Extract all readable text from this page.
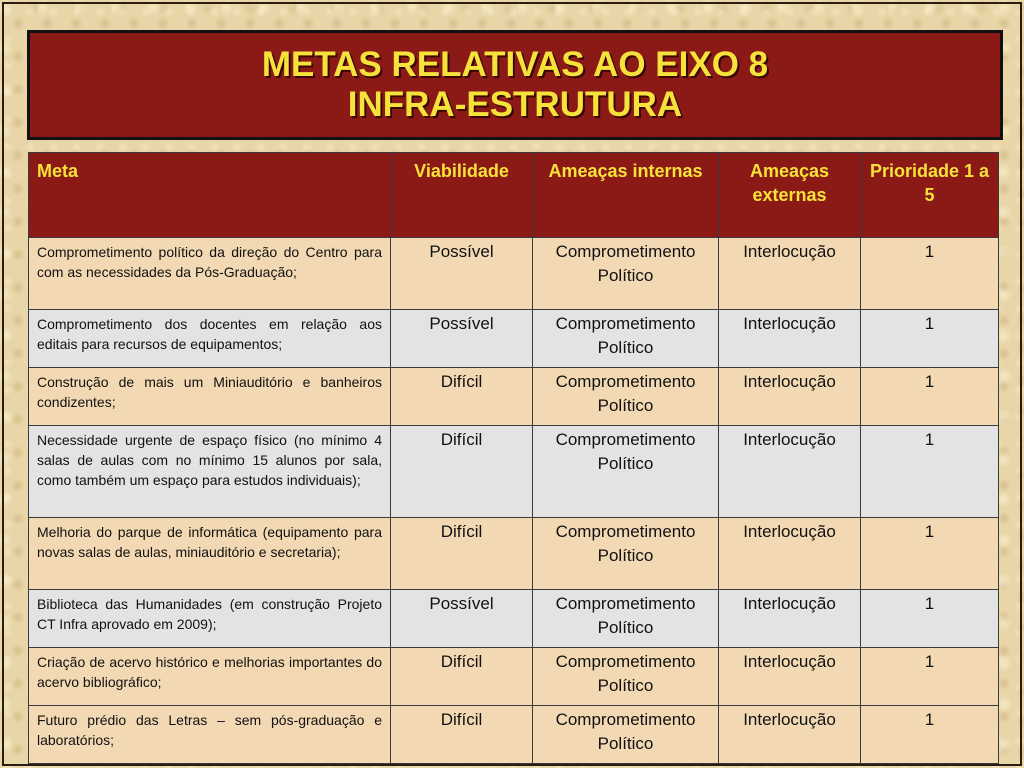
METAS RELATIVAS AO EIXO 8
INFRA-ESTRUTURA
Meta	Viabilidade	Ameaças internas	Ameaças externas	Prioridade 1 a 5
Comprometimento político da direção do Centro para com as necessidades da Pós-Graduação;	Possível	Comprometimento Político	Interlocução	1
Comprometimento dos docentes em relação aos editais para recursos de equipamentos;	Possível	Comprometimento Político	Interlocução	1
Construção de mais um Miniauditório e banheiros condizentes;	Difícil	Comprometimento Político	Interlocução	1
Necessidade urgente de espaço físico (no mínimo 4 salas de aulas com no mínimo 15 alunos por sala, como também um espaço para estudos individuais);	Difícil	Comprometimento Político	Interlocução	1
Melhoria do parque de informática (equipamento para novas salas de aulas, miniauditório e secretaria);	Difícil	Comprometimento Político	Interlocução	1
Biblioteca das Humanidades (em construção Projeto CT Infra aprovado em 2009);	Possível	Comprometimento Político	Interlocução	1
Criação de acervo histórico e melhorias importantes do acervo bibliográfico;	Difícil	Comprometimento Político	Interlocução	1
Futuro prédio das Letras – sem pós-graduação e laboratórios;	Difícil	Comprometimento Político	Interlocução	1
